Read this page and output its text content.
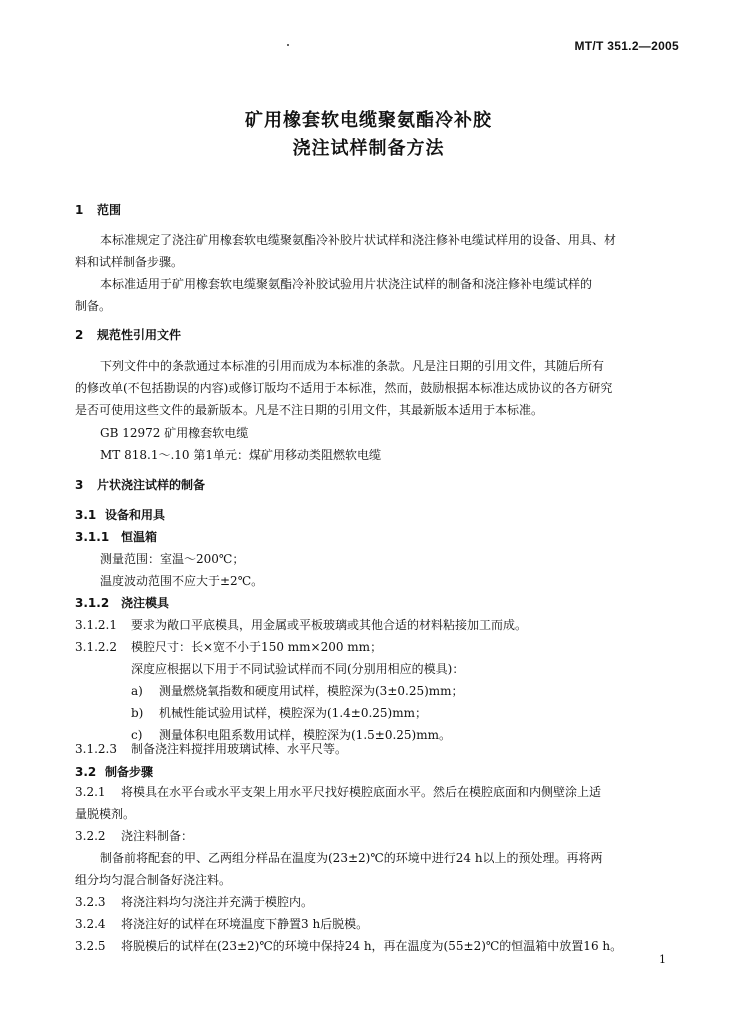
MT/T 351.2—2005
矿用橡套软电缆聚氨酯冷补胶
浇注试样制备方法
1 范围
本标准规定了浇注矿用橡套软电缆聚氨酯冷补胶片状试样和浇注修补电缆试样用的设备、用具、材
料和试样制备步骤。
本标准适用于矿用橡套软电缆聚氨酯冷补胶试验用片状浇注试样的制备和浇注修补电缆试样的
制备。
2 规范性引用文件
下列文件中的条款通过本标准的引用而成为本标准的条款。凡是注日期的引用文件，其随后所有
的修改单(不包括勘误的内容)或修订版均不适用于本标准，然而，鼓励根据本标准达成协议的各方研究
是否可使用这些文件的最新版本。凡是不注日期的引用文件，其最新版本适用于本标准。
GB 12972 矿用橡套软电缆
MT 818.1～.10 第1单元：煤矿用移动类阻燃软电缆
3 片状浇注试样的制备
3.1 设备和用具
3.1.1 恒温箱
测量范围：室温～200℃；
温度波动范围不应大于±2℃。
3.1.2 浇注模具
3.1.2.1 要求为敞口平底模具，用金属或平板玻璃或其他合适的材料粘接加工而成。
3.1.2.2 模腔尺寸：长×宽不小于150 mm×200 mm；
深度应根据以下用于不同试验试样而不同(分别用相应的模具)：
a) 测量燃烧氧指数和硬度用试样，模腔深为(3±0.25)mm；
b) 机械性能试验用试样，模腔深为(1.4±0.25)mm；
c) 测量体积电阻系数用试样，模腔深为(1.5±0.25)mm。
3.1.2.3 制备浇注料搅拌用玻璃试棒、水平尺等。
3.2 制备步骤
3.2.1 将模具在水平台或水平支架上用水平尺找好模腔底面水平。然后在模腔底面和内侧壁涂上适
量脱模剂。
3.2.2 浇注料制备：
制备前将配套的甲、乙两组分样品在温度为(23±2)℃的环境中进行24 h以上的预处理。再将两
组分均匀混合制备好浇注料。
3.2.3 将浇注料均匀浇注并充满于模腔内。
3.2.4 将浇注好的试样在环境温度下静置3 h后脱模。
3.2.5 将脱模后的试样在(23±2)℃的环境中保持24 h，再在温度为(55±2)℃的恒温箱中放置16 h。
1
